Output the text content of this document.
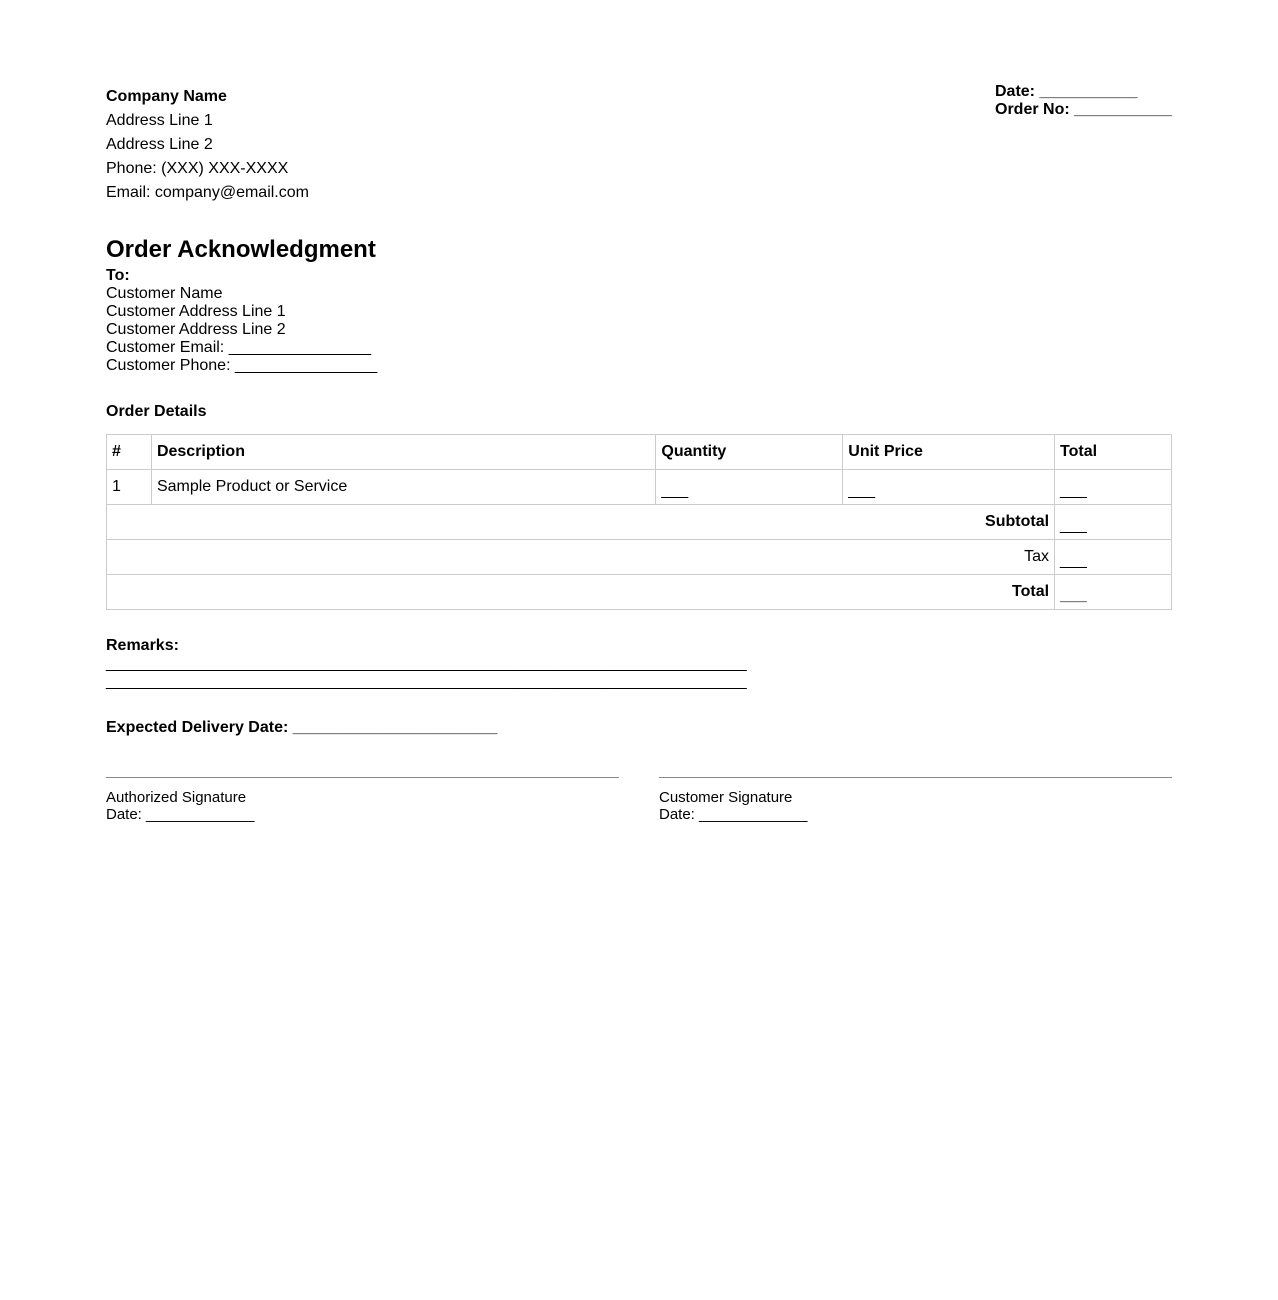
Company Name
Address Line 1
Address Line 2
Phone: (XXX) XXX-XXXX
Email: company@email.com
Date: ___________
Order No: ___________
Order Acknowledgment
To:
Customer Name
Customer Address Line 1
Customer Address Line 2
Customer Email: ________________
Customer Phone: ________________
Order Details
#	Description	Quantity	Unit Price	Total
1	Sample Product or Service	___	___	___
Subtotal				___
Tax				___
Total				___
Remarks:
________________________________________________________________________
________________________________________________________________________
Expected Delivery Date: _______________________
Authorized Signature
Date: _____________
Customer Signature
Date: _____________
